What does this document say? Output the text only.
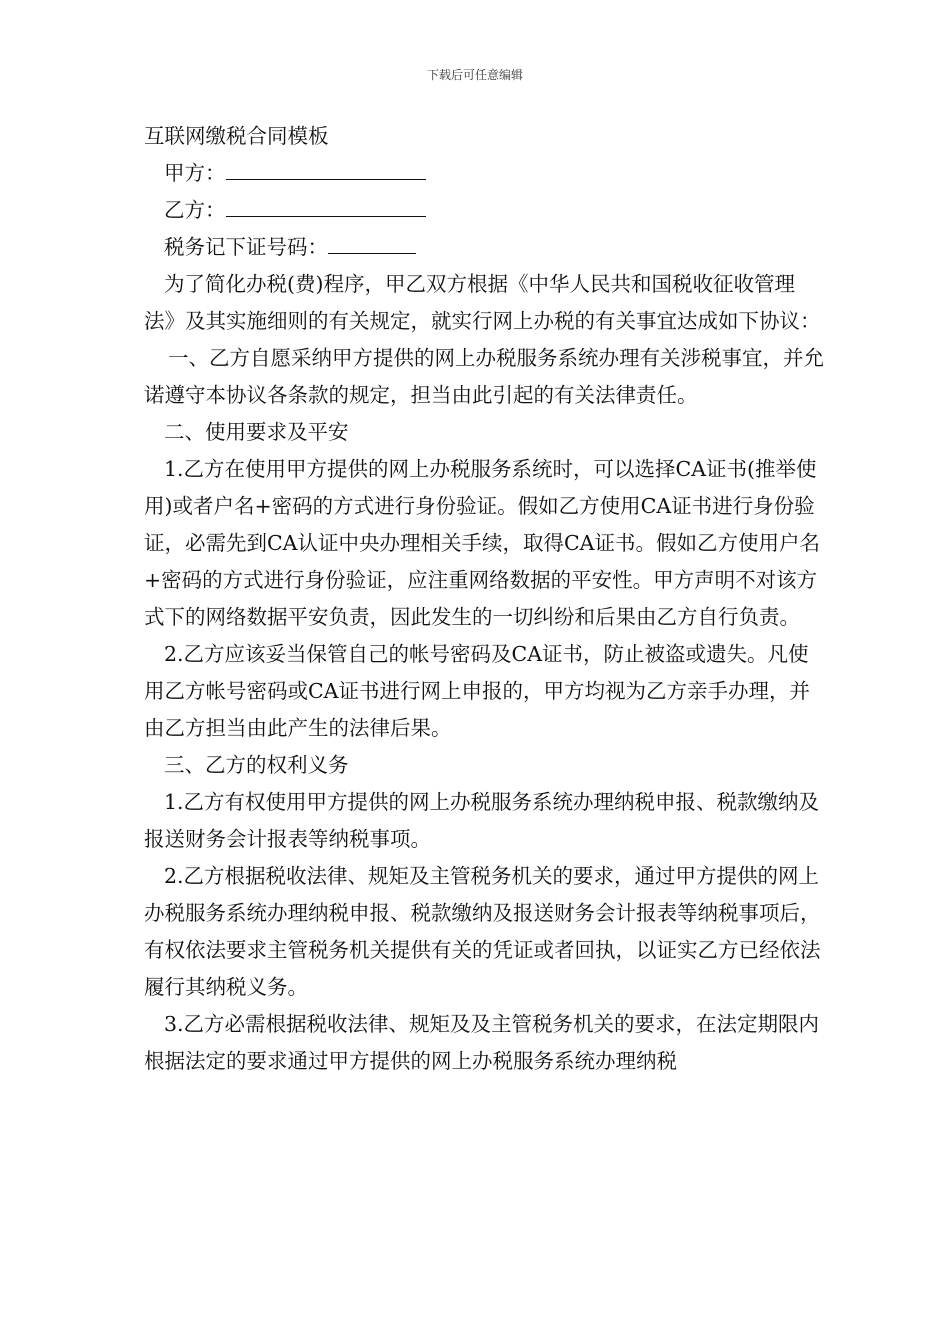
下载后可任意编辑

互联网缴税合同模板

甲方：

乙方：

税务记下证号码：

为了简化办税(费)程序，甲乙双方根据《中华人民共和国税收征收管理法》及其实施细则的有关规定，就实行网上办税的有关事宜达成如下协议：

一、乙方自愿采纳甲方提供的网上办税服务系统办理有关涉税事宜，并允诺遵守本协议各条款的规定，担当由此引起的有关法律责任。

二、使用要求及平安

1.乙方在使用甲方提供的网上办税服务系统时，可以选择CA证书(推举使用)或者户名+密码的方式进行身份验证。假如乙方使用CA证书进行身份验证，必需先到CA认证中央办理相关手续，取得CA证书。假如乙方使用户名+密码的方式进行身份验证，应注重网络数据的平安性。甲方声明不对该方式下的网络数据平安负责，因此发生的一切纠纷和后果由乙方自行负责。

2.乙方应该妥当保管自己的帐号密码及CA证书，防止被盗或遗失。凡使用乙方帐号密码或CA证书进行网上申报的，甲方均视为乙方亲手办理，并由乙方担当由此产生的法律后果。

三、乙方的权利义务

1.乙方有权使用甲方提供的网上办税服务系统办理纳税申报、税款缴纳及报送财务会计报表等纳税事项。

2.乙方根据税收法律、规矩及主管税务机关的要求，通过甲方提供的网上办税服务系统办理纳税申报、税款缴纳及报送财务会计报表等纳税事项后，有权依法要求主管税务机关提供有关的凭证或者回执，以证实乙方已经依法履行其纳税义务。

3.乙方必需根据税收法律、规矩及及主管税务机关的要求，在法定期限内根据法定的要求通过甲方提供的网上办税服务系统办理纳税
